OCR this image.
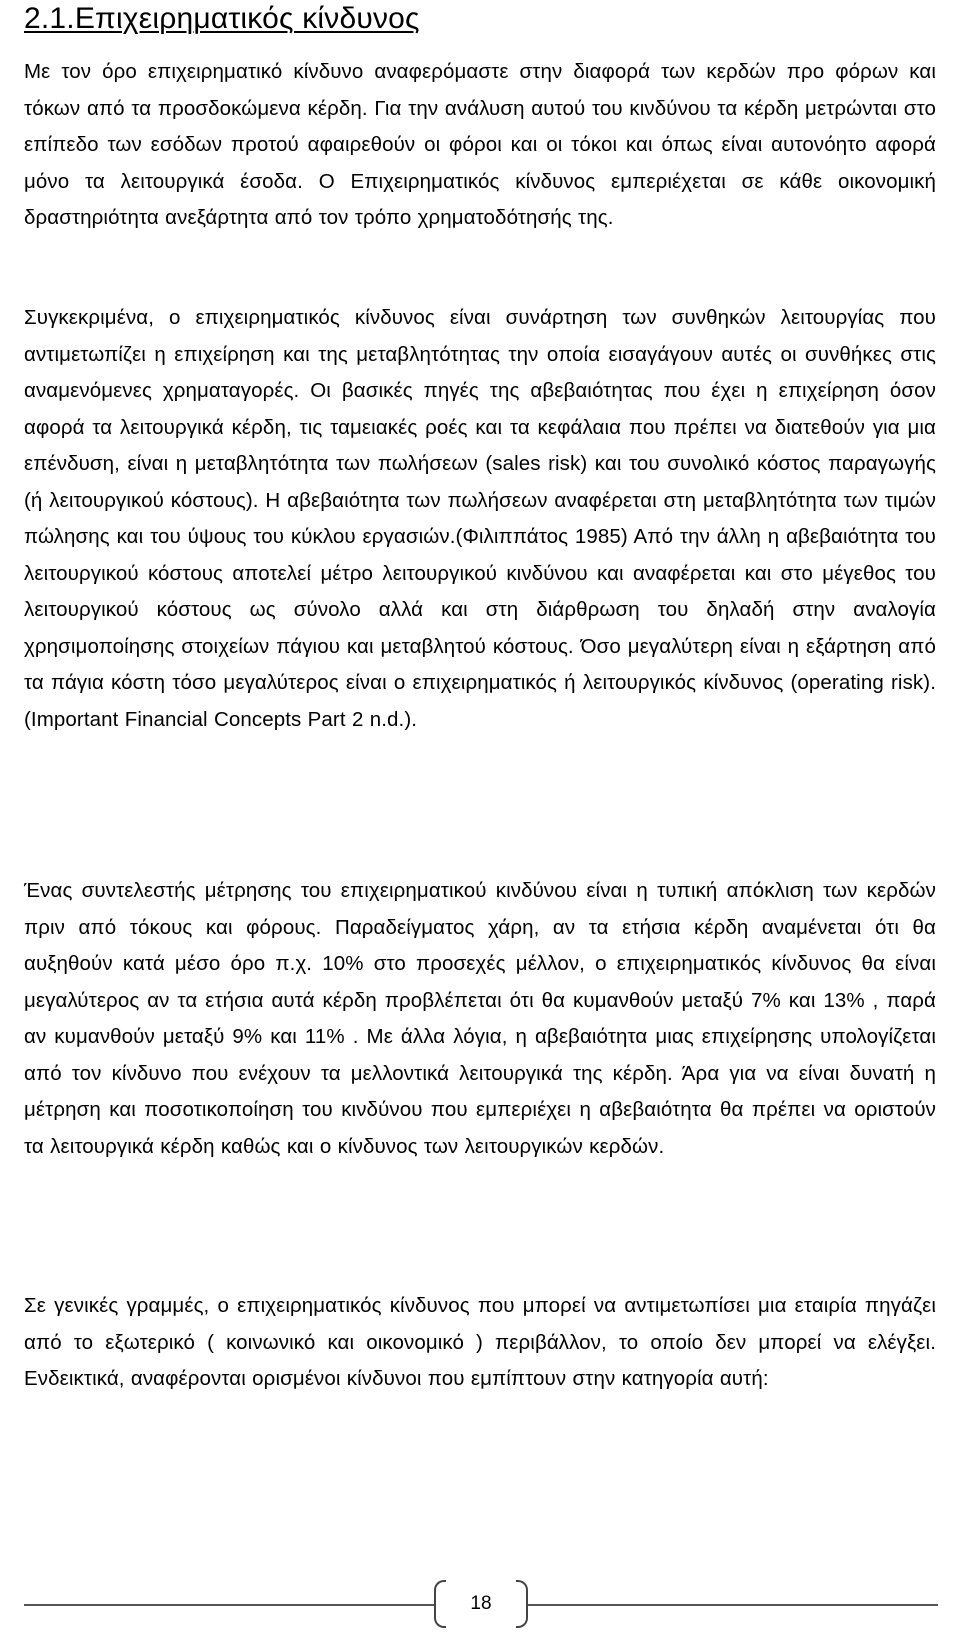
2.1.Επιχειρηματικός κίνδυνος

Με τον όρο επιχειρηματικό κίνδυνο αναφερόμαστε στην διαφορά των κερδών προ φόρων και τόκων από τα προσδοκώμενα κέρδη. Για την ανάλυση αυτού του κινδύνου τα κέρδη μετρώνται στο επίπεδο των εσόδων προτού αφαιρεθούν οι φόροι και οι τόκοι και όπως είναι αυτονόητο αφορά μόνο τα λειτουργικά έσοδα. Ο Επιχειρηματικός κίνδυνος εμπεριέχεται σε κάθε οικονομική δραστηριότητα ανεξάρτητα από τον τρόπο χρηματοδότησής της.

Συγκεκριμένα, ο επιχειρηματικός κίνδυνος είναι συνάρτηση των συνθηκών λειτουργίας που αντιμετωπίζει η επιχείρηση και της μεταβλητότητας την οποία εισαγάγουν αυτές οι συνθήκες στις αναμενόμενες χρηματαγορές. Οι βασικές πηγές της αβεβαιότητας που έχει η επιχείρηση όσον αφορά τα λειτουργικά κέρδη, τις ταμειακές ροές και τα κεφάλαια που πρέπει να διατεθούν για μια επένδυση, είναι η μεταβλητότητα των πωλήσεων (sales risk) και του συνολικό κόστος παραγωγής (ή λειτουργικού κόστους). Η αβεβαιότητα των πωλήσεων αναφέρεται στη μεταβλητότητα των τιμών πώλησης και του ύψους του κύκλου εργασιών.(Φιλιππάτος 1985) Από την άλλη η αβεβαιότητα του λειτουργικού κόστους αποτελεί μέτρο λειτουργικού κινδύνου και αναφέρεται και στο μέγεθος του λειτουργικού κόστους ως σύνολο αλλά και στη διάρθρωση του δηλαδή στην αναλογία χρησιμοποίησης στοιχείων πάγιου και μεταβλητού κόστους. Όσο μεγαλύτερη είναι η εξάρτηση από τα πάγια κόστη τόσο μεγαλύτερος είναι ο επιχειρηματικός ή λειτουργικός κίνδυνος (operating risk).(Important Financial Concepts Part 2 n.d.).

Ένας συντελεστής μέτρησης του επιχειρηματικού κινδύνου είναι η τυπική απόκλιση των κερδών πριν από τόκους και φόρους. Παραδείγματος χάρη, αν τα ετήσια κέρδη αναμένεται ότι θα αυξηθούν κατά μέσο όρο π.χ. 10% στο προσεχές μέλλον, ο επιχειρηματικός κίνδυνος θα είναι μεγαλύτερος αν τα ετήσια αυτά κέρδη προβλέπεται ότι θα κυμανθούν μεταξύ 7% και 13% , παρά αν κυμανθούν μεταξύ 9% και 11% . Με άλλα λόγια, η αβεβαιότητα μιας επιχείρησης υπολογίζεται από τον κίνδυνο που ενέχουν τα μελλοντικά λειτουργικά της κέρδη. Άρα για να είναι δυνατή η μέτρηση και ποσοτικοποίηση του κινδύνου που εμπεριέχει η αβεβαιότητα θα πρέπει να οριστούν τα λειτουργικά κέρδη καθώς και ο κίνδυνος των λειτουργικών κερδών.

Σε γενικές γραμμές, ο επιχειρηματικός κίνδυνος που μπορεί να αντιμετωπίσει μια εταιρία πηγάζει από το εξωτερικό ( κοινωνικό και οικονομικό ) περιβάλλον, το οποίο δεν μπορεί να ελέγξει. Ενδεικτικά, αναφέρονται ορισμένοι κίνδυνοι που εμπίπτουν στην κατηγορία αυτή:

18
